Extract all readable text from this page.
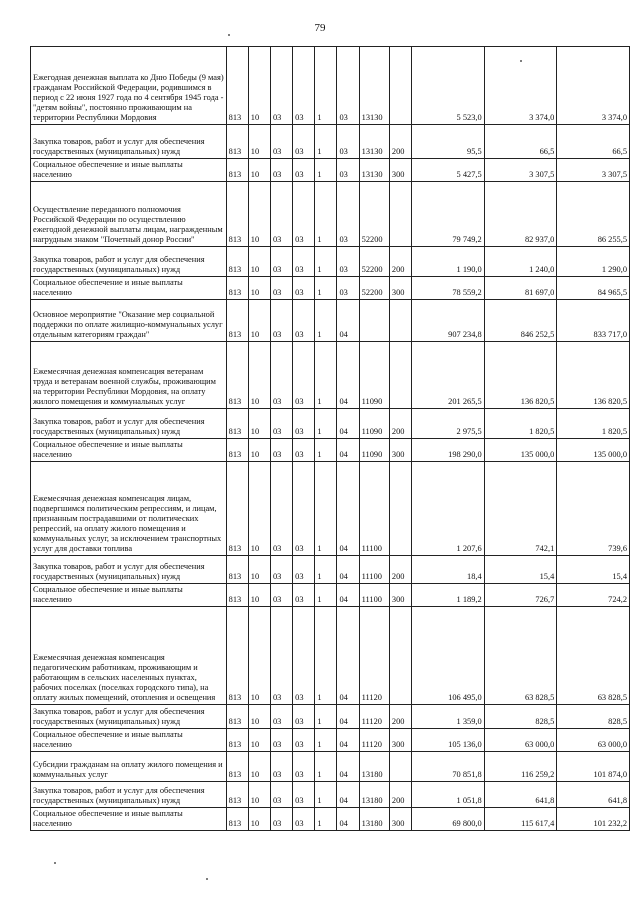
79
Ежегодная денежная выплата ко Дню Победы (9 мая) гражданам Российской Федерации, родившимся в период с 22 июня 1927 года по 4 сентября 1945 года - "детям войны", постоянно проживающим на территории Республики Мордовия	813	10	03	03	1	03	13130		5 523,0	3 374,0	3 374,0
Закупка товаров, работ и услуг для обеспечения государственных (муниципальных) нужд	813	10	03	03	1	03	13130	200	95,5	66,5	66,5
Социальное обеспечение и иные выплаты населению	813	10	03	03	1	03	13130	300	5 427,5	3 307,5	3 307,5
Осуществление переданного полномочия Российской Федерации по осуществлению ежегодной денежной выплаты лицам, награжденным нагрудным знаком "Почетный донор России"	813	10	03	03	1	03	52200		79 749,2	82 937,0	86 255,5
Закупка товаров, работ и услуг для обеспечения государственных (муниципальных) нужд	813	10	03	03	1	03	52200	200	1 190,0	1 240,0	1 290,0
Социальное обеспечение и иные выплаты населению	813	10	03	03	1	03	52200	300	78 559,2	81 697,0	84 965,5
Основное мероприятие "Оказание мер социальной поддержки по оплате жилищно-коммунальных услуг отдельным категориям граждан"	813	10	03	03	1	04			907 234,8	846 252,5	833 717,0
Ежемесячная денежная компенсация ветеранам труда и ветеранам военной службы, проживающим на территории Республики Мордовия, на оплату жилого помещения и коммунальных услуг	813	10	03	03	1	04	11090		201 265,5	136 820,5	136 820,5
Закупка товаров, работ и услуг для обеспечения государственных (муниципальных) нужд	813	10	03	03	1	04	11090	200	2 975,5	1 820,5	1 820,5
Социальное обеспечение и иные выплаты населению	813	10	03	03	1	04	11090	300	198 290,0	135 000,0	135 000,0
Ежемесячная денежная компенсация лицам, подвергшимся политическим репрессиям, и лицам, признанным пострадавшими от политических репрессий, на оплату жилого помещения и коммунальных услуг, за исключением транспортных услуг для доставки топлива	813	10	03	03	1	04	11100		1 207,6	742,1	739,6
Закупка товаров, работ и услуг для обеспечения государственных (муниципальных) нужд	813	10	03	03	1	04	11100	200	18,4	15,4	15,4
Социальное обеспечение и иные выплаты населению	813	10	03	03	1	04	11100	300	1 189,2	726,7	724,2
Ежемесячная денежная компенсация педагогическим работникам, проживающим и работающим в сельских населенных пунктах, рабочих поселках (поселках городского типа), на оплату жилых помещений, отопления и освещения	813	10	03	03	1	04	11120		106 495,0	63 828,5	63 828,5
Закупка товаров, работ и услуг для обеспечения государственных (муниципальных) нужд	813	10	03	03	1	04	11120	200	1 359,0	828,5	828,5
Социальное обеспечение и иные выплаты населению	813	10	03	03	1	04	11120	300	105 136,0	63 000,0	63 000,0
Субсидии гражданам на оплату жилого помещения и коммунальных услуг	813	10	03	03	1	04	13180		70 851,8	116 259,2	101 874,0
Закупка товаров, работ и услуг для обеспечения государственных (муниципальных) нужд	813	10	03	03	1	04	13180	200	1 051,8	641,8	641,8
Социальное обеспечение и иные выплаты населению	813	10	03	03	1	04	13180	300	69 800,0	115 617,4	101 232,2
